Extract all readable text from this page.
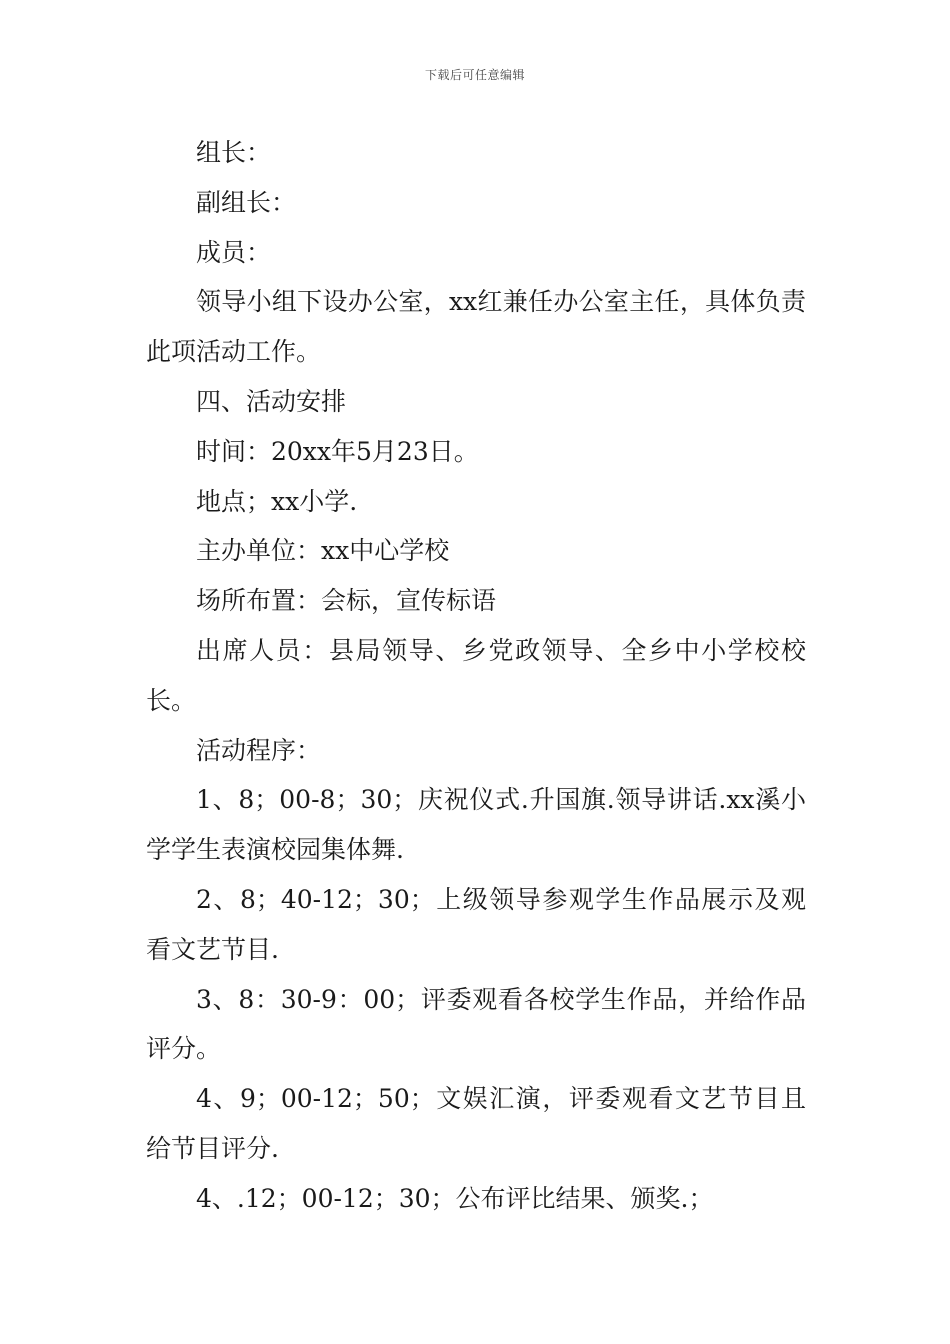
下载后可任意编辑

组长：

副组长：

成员：

领导小组下设办公室，xx红兼任办公室主任，具体负责此项活动工作。

四、活动安排

时间：20xx年5月23日。

地点；xx小学.

主办单位：xx中心学校

场所布置：会标，宣传标语

出席人员：县局领导、乡党政领导、全乡中小学校校长。

活动程序：

1、8；00-8；30；庆祝仪式.升国旗.领导讲话.xx溪小学学生表演校园集体舞.

2、8；40-12；30；上级领导参观学生作品展示及观看文艺节目.

3、8：30-9：00；评委观看各校学生作品，并给作品评分。

4、9；00-12；50；文娱汇演，评委观看文艺节目且给节目评分.

4、.12；00-12；30；公布评比结果、颁奖.；
